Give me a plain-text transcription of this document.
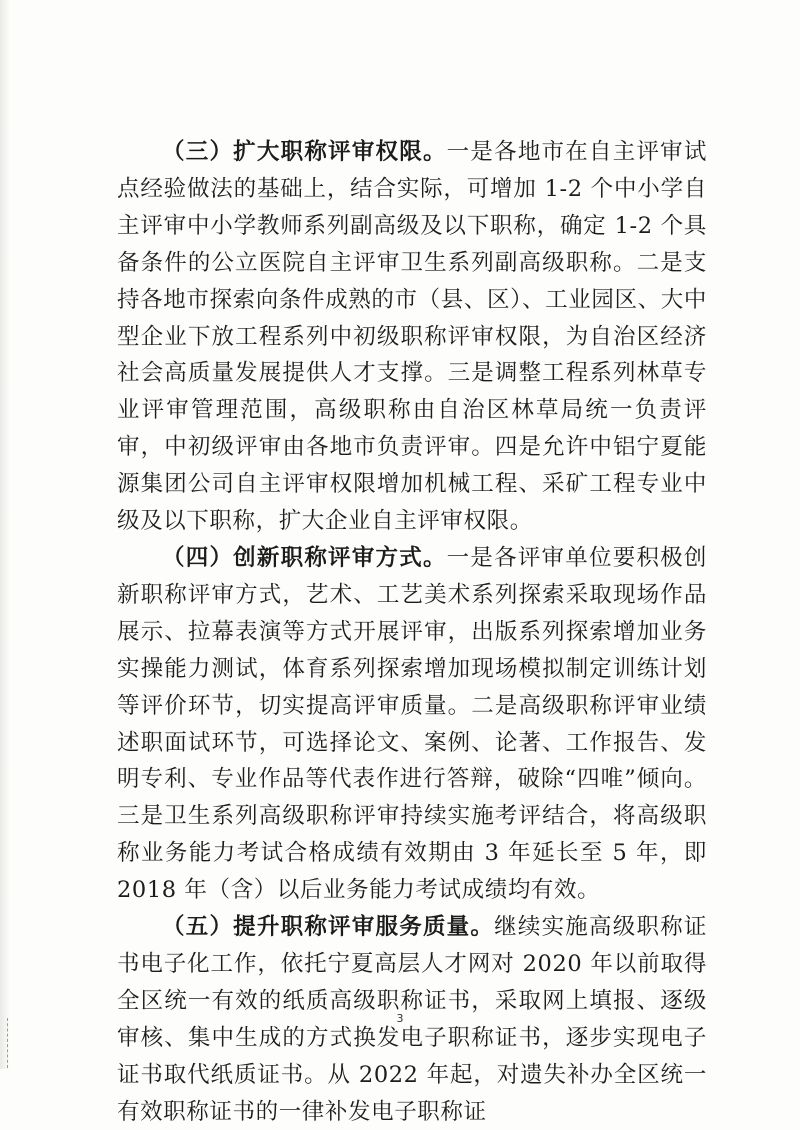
（三）扩大职称评审权限。一是各地市在自主评审试点经验做法的基础上，结合实际，可增加 1-2 个中小学自主评审中小学教师系列副高级及以下职称，确定 1-2 个具备条件的公立医院自主评审卫生系列副高级职称。二是支持各地市探索向条件成熟的市（县、区）、工业园区、大中型企业下放工程系列中初级职称评审权限，为自治区经济社会高质量发展提供人才支撑。三是调整工程系列林草专业评审管理范围，高级职称由自治区林草局统一负责评审，中初级评审由各地市负责评审。四是允许中铝宁夏能源集团公司自主评审权限增加机械工程、采矿工程专业中级及以下职称，扩大企业自主评审权限。

（四）创新职称评审方式。一是各评审单位要积极创新职称评审方式，艺术、工艺美术系列探索采取现场作品展示、拉幕表演等方式开展评审，出版系列探索增加业务实操能力测试，体育系列探索增加现场模拟制定训练计划等评价环节，切实提高评审质量。二是高级职称评审业绩述职面试环节，可选择论文、案例、论著、工作报告、发明专利、专业作品等代表作进行答辩，破除“四唯”倾向。三是卫生系列高级职称评审持续实施考评结合，将高级职称业务能力考试合格成绩有效期由 3 年延长至 5 年，即 2018 年（含）以后业务能力考试成绩均有效。

（五）提升职称评审服务质量。继续实施高级职称证书电子化工作，依托宁夏高层人才网对 2020 年以前取得全区统一有效的纸质高级职称证书，采取网上填报、逐级审核、集中生成的方式换发电子职称证书，逐步实现电子证书取代纸质证书。从 2022 年起，对遗失补办全区统一有效职称证书的一律补发电子职称证

3
